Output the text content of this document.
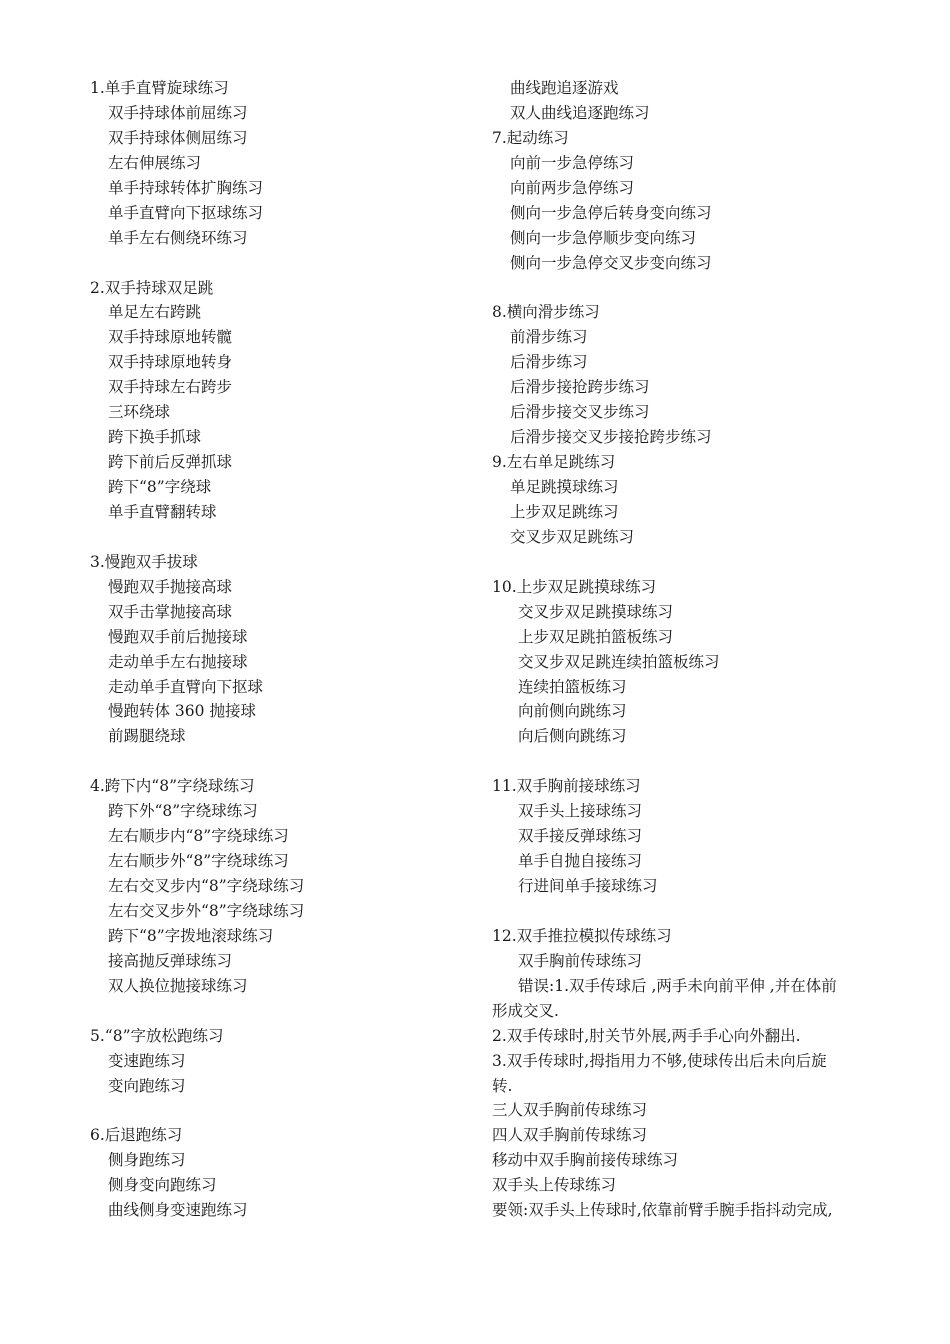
1.单手直臂旋球练习
双手持球体前屈练习
双手持球体侧屈练习
左右伸展练习
单手持球转体扩胸练习
单手直臂向下抠球练习
单手左右侧绕环练习
2.双手持球双足跳
单足左右跨跳
双手持球原地转髋
双手持球原地转身
双手持球左右跨步
三环绕球
跨下换手抓球
跨下前后反弹抓球
跨下“8”字绕球
单手直臂翻转球
3.慢跑双手拔球
慢跑双手抛接高球
双手击掌抛接高球
慢跑双手前后抛接球
走动单手左右抛接球
走动单手直臂向下抠球
慢跑转体 360 抛接球
前踢腿绕球
4.跨下内“8”字绕球练习
跨下外“8”字绕球练习
左右顺步内“8”字绕球练习
左右顺步外“8”字绕球练习
左右交叉步内“8”字绕球练习
左右交叉步外“8”字绕球练习
跨下“8”字拨地滚球练习
接高抛反弹球练习
双人换位抛接球练习
5.“8”字放松跑练习
变速跑练习
变向跑练习
6.后退跑练习
侧身跑练习
侧身变向跑练习
曲线侧身变速跑练习
曲线跑追逐游戏
双人曲线追逐跑练习
7.起动练习
向前一步急停练习
向前两步急停练习
侧向一步急停后转身变向练习
侧向一步急停顺步变向练习
侧向一步急停交叉步变向练习
8.横向滑步练习
前滑步练习
后滑步练习
后滑步接抢跨步练习
后滑步接交叉步练习
后滑步接交叉步接抢跨步练习
9.左右单足跳练习
单足跳摸球练习
上步双足跳练习
交叉步双足跳练习
10.上步双足跳摸球练习
交叉步双足跳摸球练习
上步双足跳拍篮板练习
交叉步双足跳连续拍篮板练习
连续拍篮板练习
向前侧向跳练习
向后侧向跳练习
11.双手胸前接球练习
双手头上接球练习
双手接反弹球练习
单手自抛自接练习
行进间单手接球练习
12.双手推拉模拟传球练习
双手胸前传球练习
错误:1.双手传球后 ,两手未向前平伸 ,并在体前
形成交叉.
2.双手传球时,肘关节外展,两手手心向外翻出.
3.双手传球时,拇指用力不够,使球传出后未向后旋
转.
三人双手胸前传球练习
四人双手胸前传球练习
移动中双手胸前接传球练习
双手头上传球练习
要领:双手头上传球时,依靠前臂手腕手指抖动完成,
